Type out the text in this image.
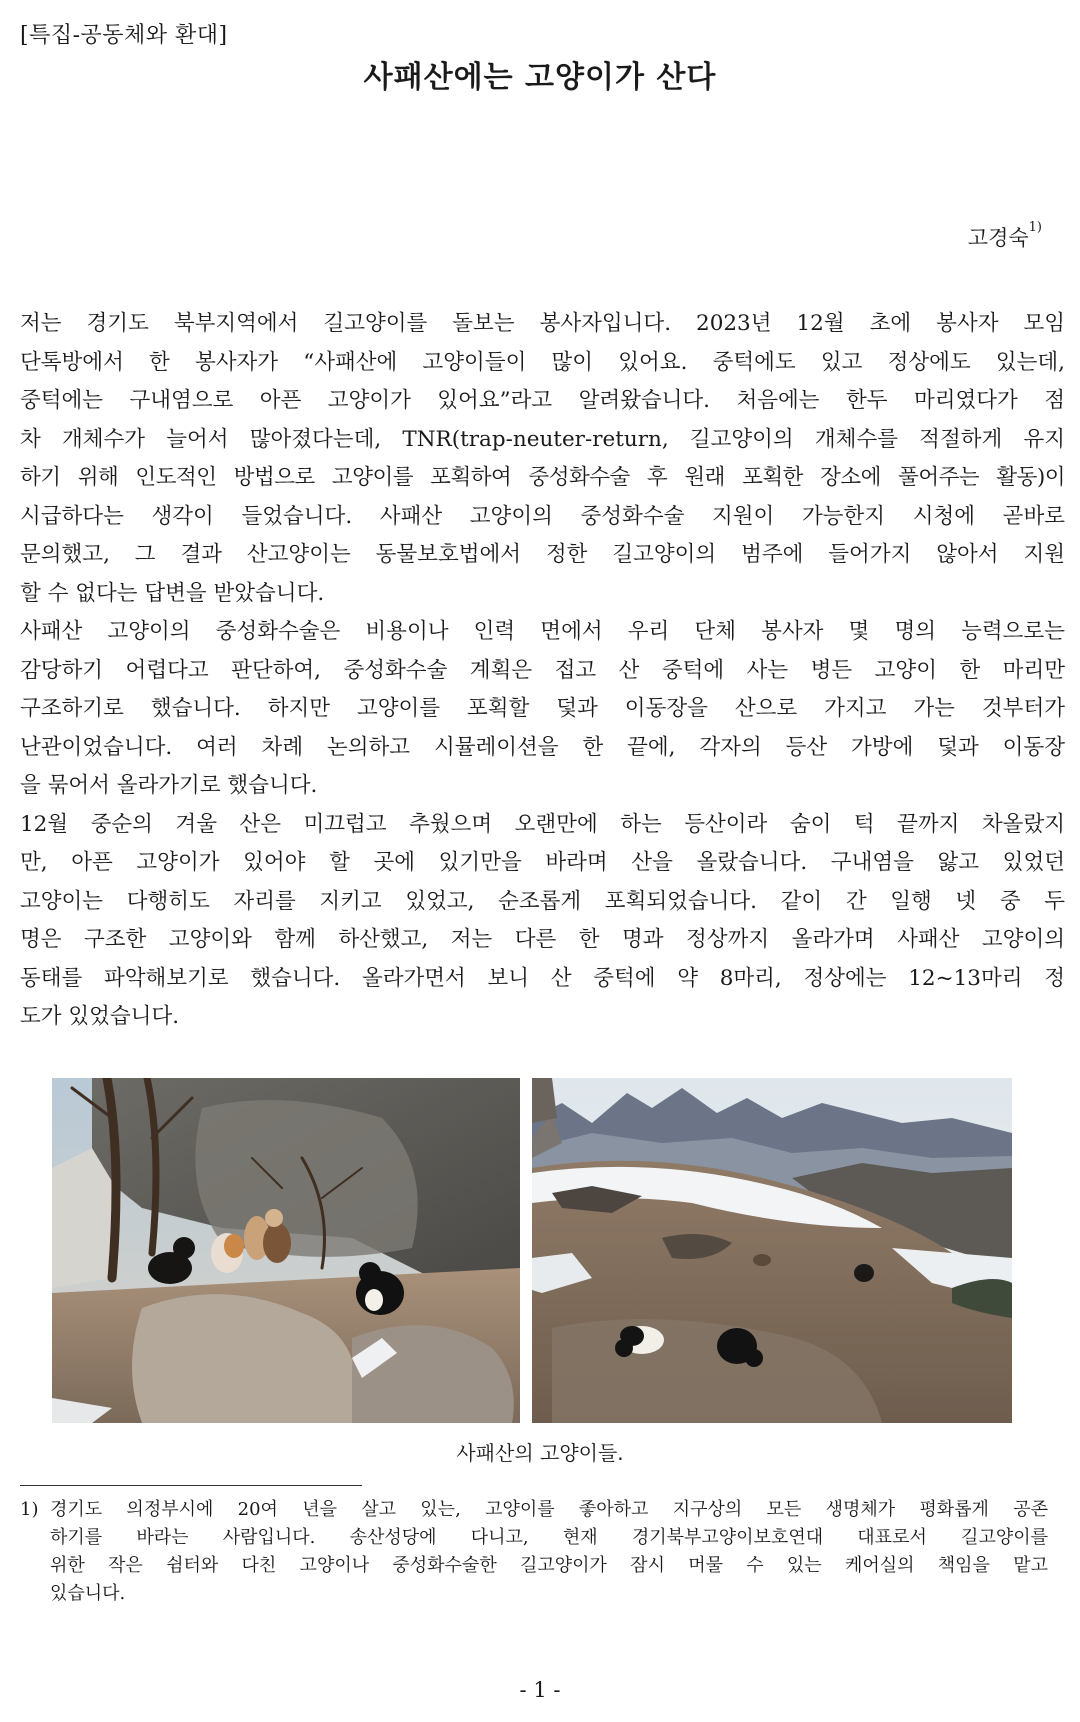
[특집-공동체와 환대]
사패산에는 고양이가 산다
고경숙$^{1)}$
저는 경기도 북부지역에서 길고양이를 돌보는 봉사자입니다. 2023년 12월 초에 봉사자 모임
단톡방에서 한 봉사자가 “사패산에 고양이들이 많이 있어요. 중턱에도 있고 정상에도 있는데,
중턱에는 구내염으로 아픈 고양이가 있어요”라고 알려왔습니다. 처음에는 한두 마리였다가 점
차 개체수가 늘어서 많아졌다는데, TNR(trap-neuter-return, 길고양이의 개체수를 적절하게 유지
하기 위해 인도적인 방법으로 고양이를 포획하여 중성화수술 후 원래 포획한 장소에 풀어주는 활동)이
시급하다는 생각이 들었습니다. 사패산 고양이의 중성화수술 지원이 가능한지 시청에 곧바로
문의했고, 그 결과 산고양이는 동물보호법에서 정한 길고양이의 범주에 들어가지 않아서 지원
할 수 없다는 답변을 받았습니다.
사패산 고양이의 중성화수술은 비용이나 인력 면에서 우리 단체 봉사자 몇 명의 능력으로는
감당하기 어렵다고 판단하여, 중성화수술 계획은 접고 산 중턱에 사는 병든 고양이 한 마리만
구조하기로 했습니다. 하지만 고양이를 포획할 덫과 이동장을 산으로 가지고 가는 것부터가
난관이었습니다. 여러 차례 논의하고 시뮬레이션을 한 끝에, 각자의 등산 가방에 덫과 이동장
을 묶어서 올라가기로 했습니다.
12월 중순의 겨울 산은 미끄럽고 추웠으며 오랜만에 하는 등산이라 숨이 턱 끝까지 차올랐지
만, 아픈 고양이가 있어야 할 곳에 있기만을 바라며 산을 올랐습니다. 구내염을 앓고 있었던
고양이는 다행히도 자리를 지키고 있었고, 순조롭게 포획되었습니다. 같이 간 일행 넷 중 두
명은 구조한 고양이와 함께 하산했고, 저는 다른 한 명과 정상까지 올라가며 사패산 고양이의
동태를 파악해보기로 했습니다. 올라가면서 보니 산 중턱에 약 8마리, 정상에는 12~13마리 정
도가 있었습니다.
사패산의 고양이들.
1) 경기도 의정부시에 20여 년을 살고 있는, 고양이를 좋아하고 지구상의 모든 생명체가 평화롭게 공존
하기를 바라는 사람입니다. 송산성당에 다니고, 현재 경기북부고양이보호연대 대표로서 길고양이를
위한 작은 쉼터와 다친 고양이나 중성화수술한 길고양이가 잠시 머물 수 있는 케어실의 책임을 맡고
있습니다.
- 1 -
